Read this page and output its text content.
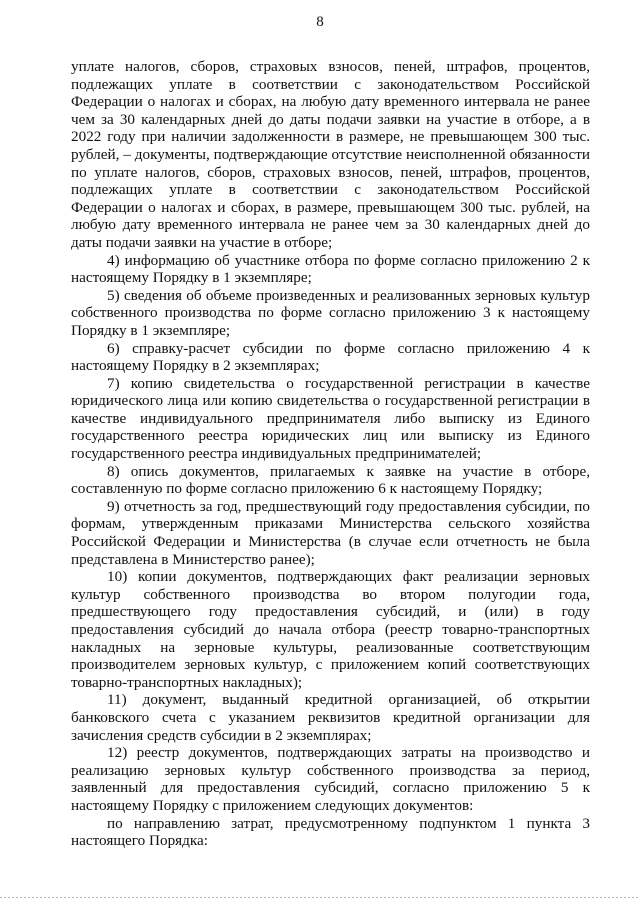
8

уплате налогов, сборов, страховых взносов, пеней, штрафов, процентов, подлежащих уплате в соответствии с законодательством Российской Федерации о налогах и сборах, на любую дату временного интервала не ранее чем за 30 календарных дней до даты подачи заявки на участие в отборе, а в 2022 году при наличии задолженности в размере, не превышающем 300 тыс. рублей, – документы, подтверждающие отсутствие неисполненной обязанности по уплате налогов, сборов, страховых взносов, пеней, штрафов, процентов, подлежащих уплате в соответствии с законодательством Российской Федерации о налогах и сборах, в размере, превышающем 300 тыс. рублей, на любую дату временного интервала не ранее чем за 30 календарных дней до даты подачи заявки на участие в отборе;

4) информацию об участнике отбора по форме согласно приложению 2 к настоящему Порядку в 1 экземпляре;

5) сведения об объеме произведенных и реализованных зерновых культур собственного производства по форме согласно приложению 3 к настоящему Порядку в 1 экземпляре;

6) справку-расчет субсидии по форме согласно приложению 4 к настоящему Порядку в 2 экземплярах;

7) копию свидетельства о государственной регистрации в качестве юридического лица или копию свидетельства о государственной регистрации в качестве индивидуального предпринимателя либо выписку из Единого государственного реестра юридических лиц или выписку из Единого государственного реестра индивидуальных предпринимателей;

8) опись документов, прилагаемых к заявке на участие в отборе, составленную по форме согласно приложению 6 к настоящему Порядку;

9) отчетность за год, предшествующий году предоставления субсидии, по формам, утвержденным приказами Министерства сельского хозяйства Российской Федерации и Министерства (в случае если отчетность не была представлена в Министерство ранее);

10) копии документов, подтверждающих факт реализации зерновых культур собственного производства во втором полугодии года, предшествующего году предоставления субсидий, и (или) в году предоставления субсидий до начала отбора (реестр товарно-транспортных накладных на зерновые культуры, реализованные соответствующим производителем зерновых культур, с приложением копий соответствующих товарно-транспортных накладных);

11) документ, выданный кредитной организацией, об открытии банковского счета с указанием реквизитов кредитной организации для зачисления средств субсидии в 2 экземплярах;

12) реестр документов, подтверждающих затраты на производство и реализацию зерновых культур собственного производства за период, заявленный для предоставления субсидий, согласно приложению 5 к настоящему Порядку с приложением следующих документов:

по направлению затрат, предусмотренному подпунктом 1 пункта 3 настоящего Порядка:
